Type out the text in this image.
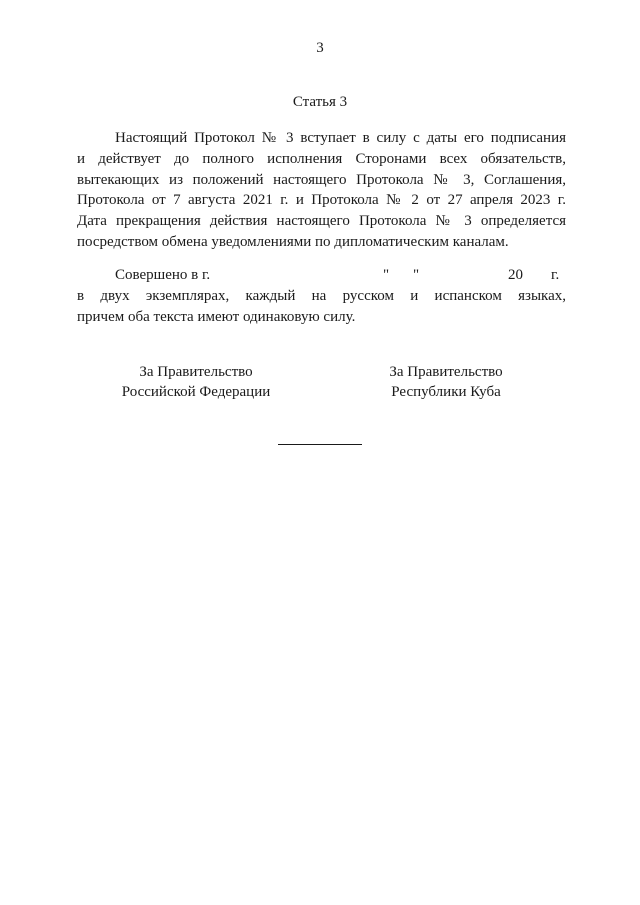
3
Статья 3
Настоящий Протокол № 3 вступает в силу с даты его подписания
и действует до полного исполнения Сторонами всех обязательств,
вытекающих из положений настоящего Протокола № 3, Соглашения,
Протокола от 7 августа 2021 г. и Протокола № 2 от 27 апреля 2023 г.
Дата прекращения действия настоящего Протокола № 3 определяется
посредством обмена уведомлениями по дипломатическим каналам.
Совершено в г.	" "	20 г.
в двух экземплярах, каждый на русском и испанском языках,
причем оба текста имеют одинаковую силу.
За Правительство
Российской Федерации
За Правительство
Республики Куба
